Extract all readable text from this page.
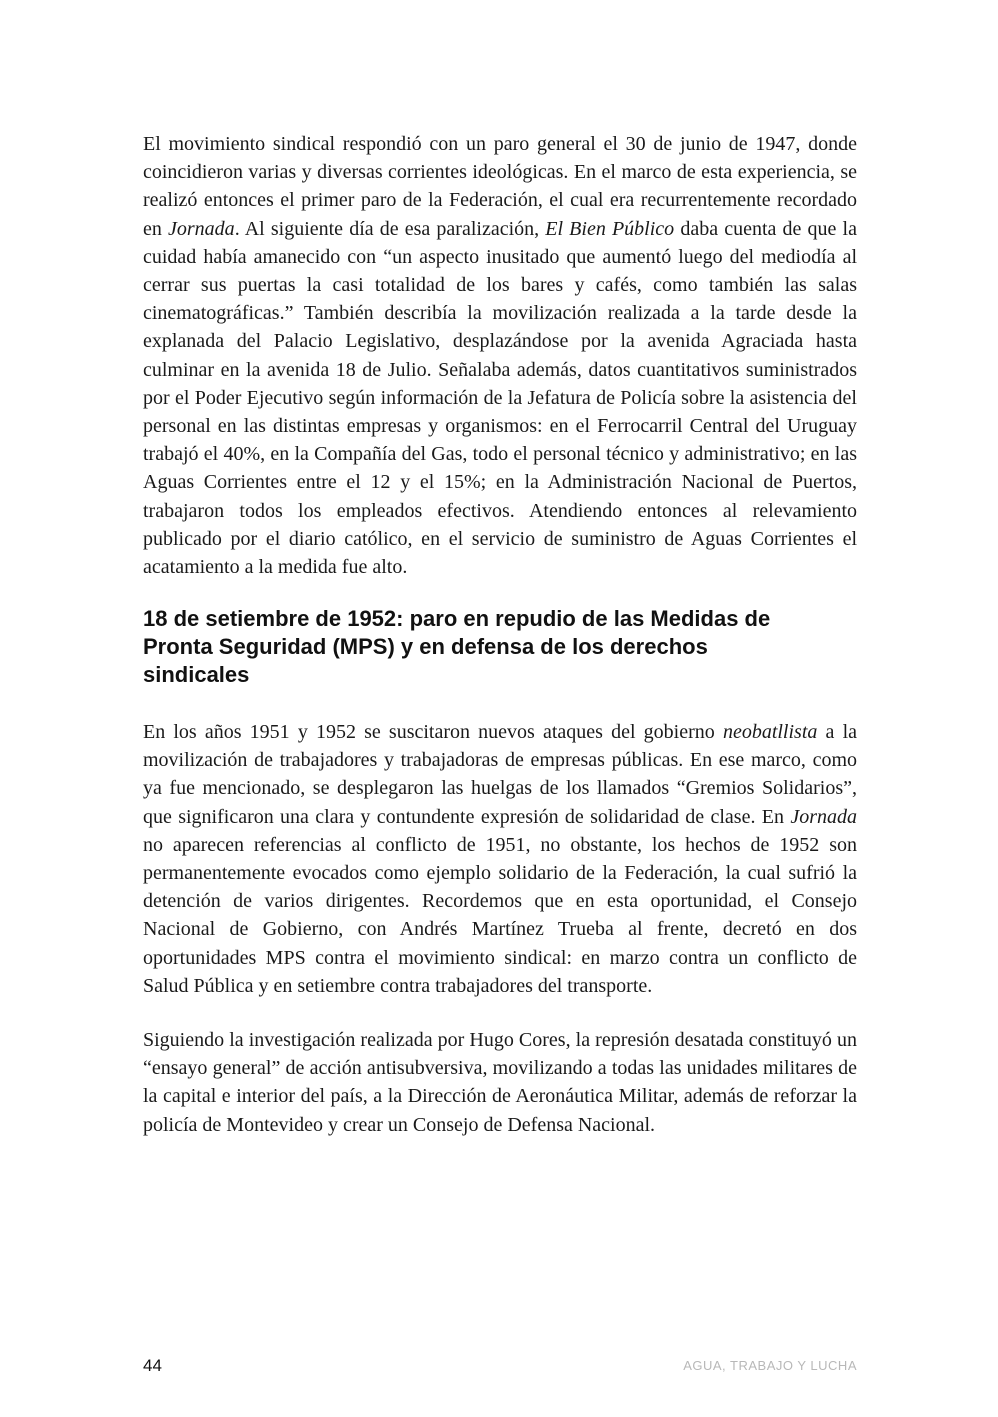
El movimiento sindical respondió con un paro general el 30 de junio de 1947, donde coincidieron varias y diversas corrientes ideológicas. En el marco de esta experiencia, se realizó entonces el primer paro de la Federación, el cual era recurrentemente recordado en Jornada. Al siguiente día de esa paralización, El Bien Público daba cuenta de que la cuidad había amanecido con “un aspecto inusitado que aumentó luego del mediodía al cerrar sus puertas la casi totalidad de los bares y cafés, como también las salas cinematográficas.” También describía la movilización realizada a la tarde desde la explanada del Palacio Legislativo, desplazándose por la avenida Agraciada hasta culminar en la avenida 18 de Julio. Señalaba además, datos cuantitativos suministrados por el Poder Ejecutivo según información de la Jefatura de Policía sobre la asistencia del personal en las distintas empresas y organismos: en el Ferrocarril Central del Uruguay trabajó el 40%, en la Compañía del Gas, todo el personal técnico y administrativo; en las Aguas Corrientes entre el 12 y el 15%; en la Administración Nacional de Puertos, trabajaron todos los empleados efectivos. Atendiendo entonces al relevamiento publicado por el diario católico, en el servicio de suministro de Aguas Corrientes el acatamiento a la medida fue alto.

18 de setiembre de 1952: paro en repudio de las Medidas de Pronta Seguridad (MPS) y en defensa de los derechos sindicales

En los años 1951 y 1952 se suscitaron nuevos ataques del gobierno neobatllista a la movilización de trabajadores y trabajadoras de empresas públicas. En ese marco, como ya fue mencionado, se desplegaron las huelgas de los llamados “Gremios Solidarios”, que significaron una clara y contundente expresión de solidaridad de clase. En Jornada no aparecen referencias al conflicto de 1951, no obstante, los hechos de 1952 son permanentemente evocados como ejemplo solidario de la Federación, la cual sufrió la detención de varios dirigentes. Recordemos que en esta oportunidad, el Consejo Nacional de Gobierno, con Andrés Martínez Trueba al frente, decretó en dos oportunidades MPS contra el movimiento sindical: en marzo contra un conflicto de Salud Pública y en setiembre contra trabajadores del transporte.

Siguiendo la investigación realizada por Hugo Cores, la represión desatada constituyó un “ensayo general” de acción antisubversiva, movilizando a todas las unidades militares de la capital e interior del país, a la Dirección de Aeronáutica Militar, además de reforzar la policía de Montevideo y crear un Consejo de Defensa Nacional.

44	AGUA, TRABAJO Y LUCHA
